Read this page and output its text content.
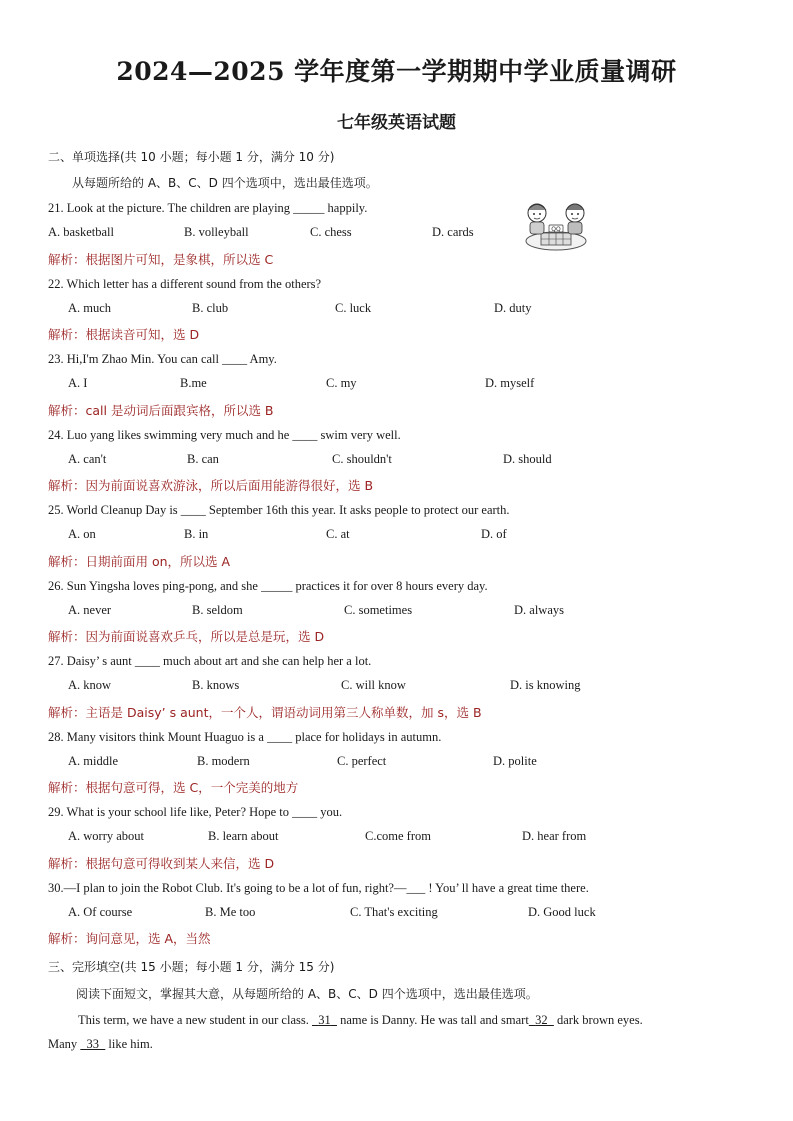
2024—2025 学年度第一学期期中学业质量调研
七年级英语试题
二、单项选择(共 10 小题；每小题 1 分，满分 10 分)
从每题所给的 A、B、C、D 四个选项中，选出最佳选项。
21. Look at the picture. The children are playing _____ happily.
A. basketball	B. volleyball	C. chess	D. cards
解析：根据图片可知，是象棋，所以选 C
QQ
22. Which letter has a different sound from the others?
A. much	B. club	C. luck	D. duty
解析：根据读音可知，选 D
23. Hi,I'm Zhao Min. You can call ____ Amy.
A. I	B.me	C. my	D. myself
解析：call 是动词后面跟宾格，所以选 B
24. Luo yang likes swimming very much and he ____ swim very well.
A. can't	B. can	C. shouldn't	D. should
解析：因为前面说喜欢游泳，所以后面用能游得很好，选 B
25. World Cleanup Day is ____ September 16th this year. It asks people to protect our earth.
A. on	B. in	C. at	D. of
解析：日期前面用 on，所以选 A
26. Sun Yingsha loves ping-pong, and she _____ practices it for over 8 hours every day.
A. never	B. seldom	C. sometimes	D. always
解析：因为前面说喜欢乒乓，所以是总是玩，选 D
27. Daisy’ s aunt ____ much about art and she can help her a lot.
A. know	B. knows	C. will know	D. is knowing
解析：主语是 Daisy’ s aunt，一个人，谓语动词用第三人称单数，加 s，选 B
28. Many visitors think Mount Huaguo is a ____ place for holidays in autumn.
A. middle	B. modern	C. perfect	D. polite
解析：根据句意可得，选 C，一个完美的地方
29. What is your school life like, Peter? Hope to ____ you.
A. worry about	B. learn about	C.come from	D. hear from
解析：根据句意可得收到某人来信，选 D
30.—I plan to join the Robot Club. It's going to be a lot of fun, right?—___ ! You’ ll have a great time there.
A. Of course	B. Me too	C. That's exciting	D. Good luck
解析：询问意见，选 A，当然
三、完形填空(共 15 小题；每小题 1 分，满分 15 分)
阅读下面短文，掌握其大意，从每题所给的 A、B、C、D 四个选项中，选出最佳选项。
This term, we have a new student in our class.   31   name is Danny. He was tall and smart 32   dark brown eyes.
Many   33   like him.
